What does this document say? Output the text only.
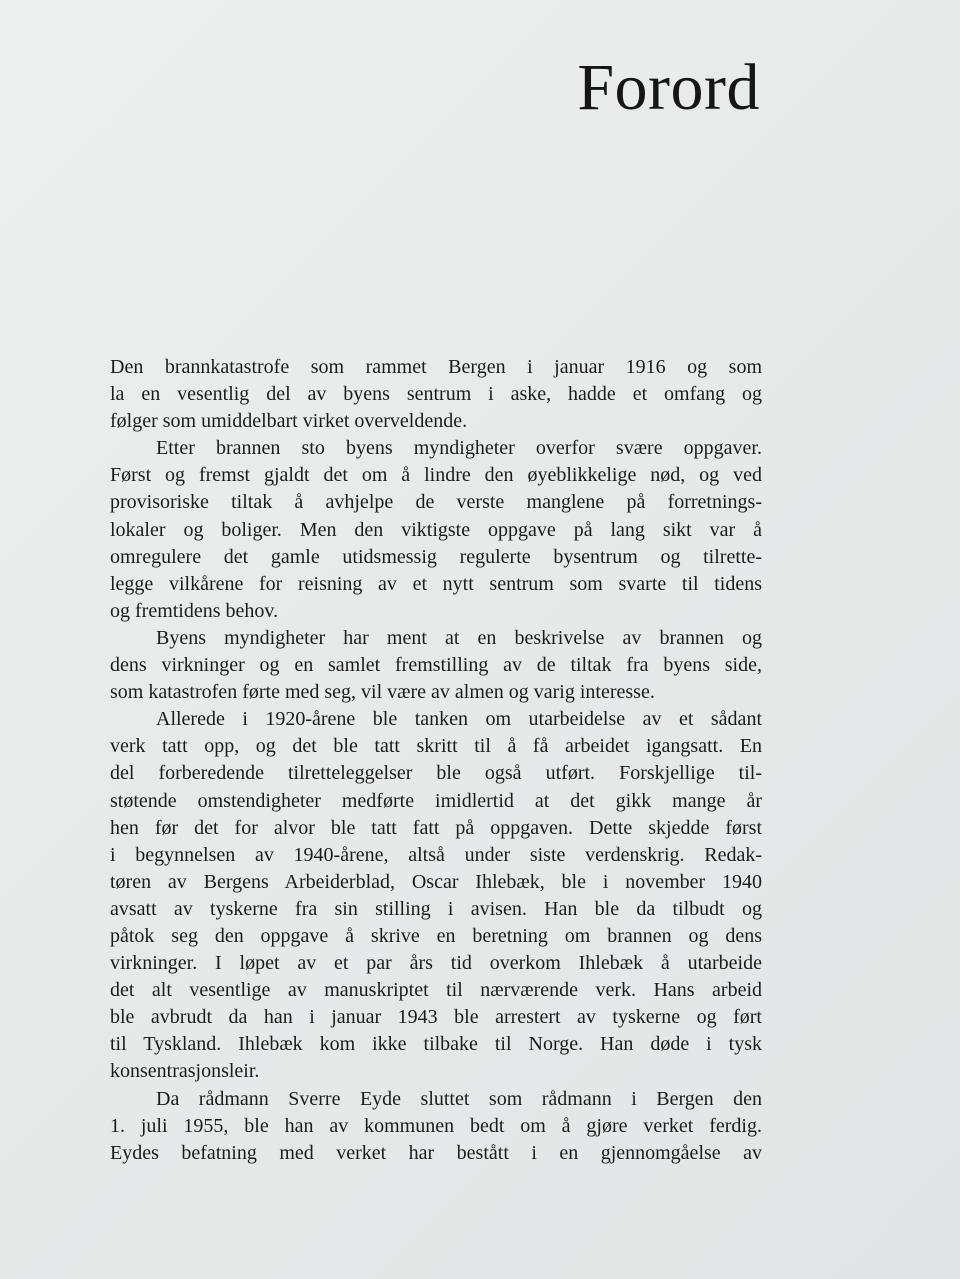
Forord
Den brannkatastrofe som rammet Bergen i januar 1916 og som
la en vesentlig del av byens sentrum i aske, hadde et omfang og
følger som umiddelbart virket overveldende.
Etter brannen sto byens myndigheter overfor svære oppgaver.
Først og fremst gjaldt det om å lindre den øyeblikkelige nød, og ved
provisoriske tiltak å avhjelpe de verste manglene på forretnings-
lokaler og boliger. Men den viktigste oppgave på lang sikt var å
omregulere det gamle utidsmessig regulerte bysentrum og tilrette-
legge vilkårene for reisning av et nytt sentrum som svarte til tidens
og fremtidens behov.
Byens myndigheter har ment at en beskrivelse av brannen og
dens virkninger og en samlet fremstilling av de tiltak fra byens side,
som katastrofen førte med seg, vil være av almen og varig interesse.
Allerede i 1920-årene ble tanken om utarbeidelse av et sådant
verk tatt opp, og det ble tatt skritt til å få arbeidet igangsatt. En
del forberedende tilretteleggelser ble også utført. Forskjellige til-
støtende omstendigheter medførte imidlertid at det gikk mange år
hen før det for alvor ble tatt fatt på oppgaven. Dette skjedde først
i begynnelsen av 1940-årene, altså under siste verdenskrig. Redak-
tøren av Bergens Arbeiderblad, Oscar Ihlebæk, ble i november 1940
avsatt av tyskerne fra sin stilling i avisen. Han ble da tilbudt og
påtok seg den oppgave å skrive en beretning om brannen og dens
virkninger. I løpet av et par års tid overkom Ihlebæk å utarbeide
det alt vesentlige av manuskriptet til nærværende verk. Hans arbeid
ble avbrudt da han i januar 1943 ble arrestert av tyskerne og ført
til Tyskland. Ihlebæk kom ikke tilbake til Norge. Han døde i tysk
konsentrasjonsleir.
Da rådmann Sverre Eyde sluttet som rådmann i Bergen den
1. juli 1955, ble han av kommunen bedt om å gjøre verket ferdig.
Eydes befatning med verket har bestått i en gjennomgåelse av
